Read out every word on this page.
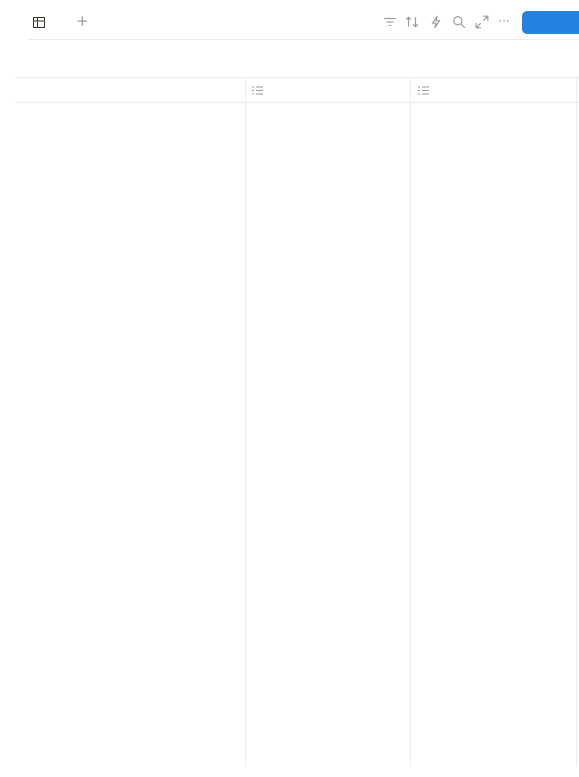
+	···
